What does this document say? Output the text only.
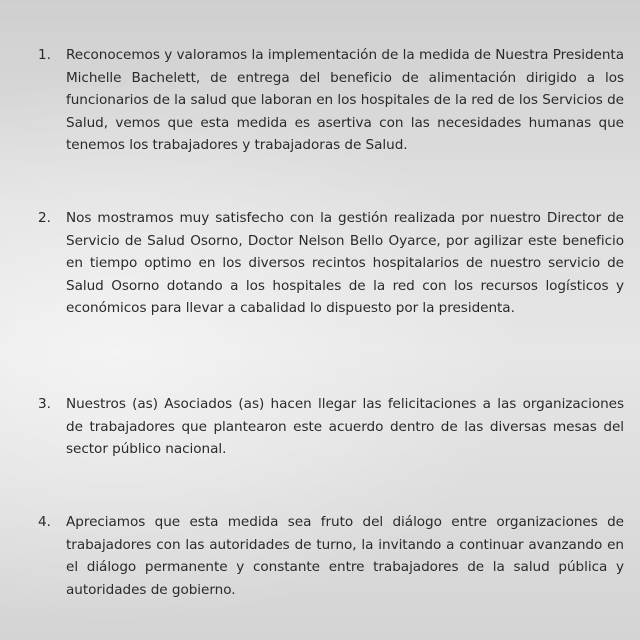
1.	Reconocemos y valoramos la implementación de la medida de Nuestra Presidenta Michelle Bachelett, de entrega del beneficio de alimentación dirigido a los funcionarios de la salud que laboran en los hospitales de la red de los Servicios de Salud, vemos que esta medida es asertiva con las necesidades humanas que tenemos los trabajadores y trabajadoras de Salud.
2.	Nos mostramos muy satisfecho con la gestión realizada por nuestro Director de Servicio de Salud Osorno, Doctor Nelson Bello Oyarce, por agilizar este beneficio en tiempo optimo en los diversos recintos hospitalarios de nuestro servicio de Salud Osorno dotando a los hospitales de la red con los recursos logísticos y económicos para llevar a cabalidad lo dispuesto por la presidenta.
3.	Nuestros (as) Asociados (as) hacen llegar las felicitaciones a las organizaciones de trabajadores que plantearon este acuerdo dentro de las diversas mesas del sector público nacional.
4.	Apreciamos que esta medida sea fruto del diálogo entre organizaciones de trabajadores con las autoridades de turno, la invitando a continuar avanzando en el diálogo permanente y constante entre trabajadores de la salud pública y autoridades de gobierno.
